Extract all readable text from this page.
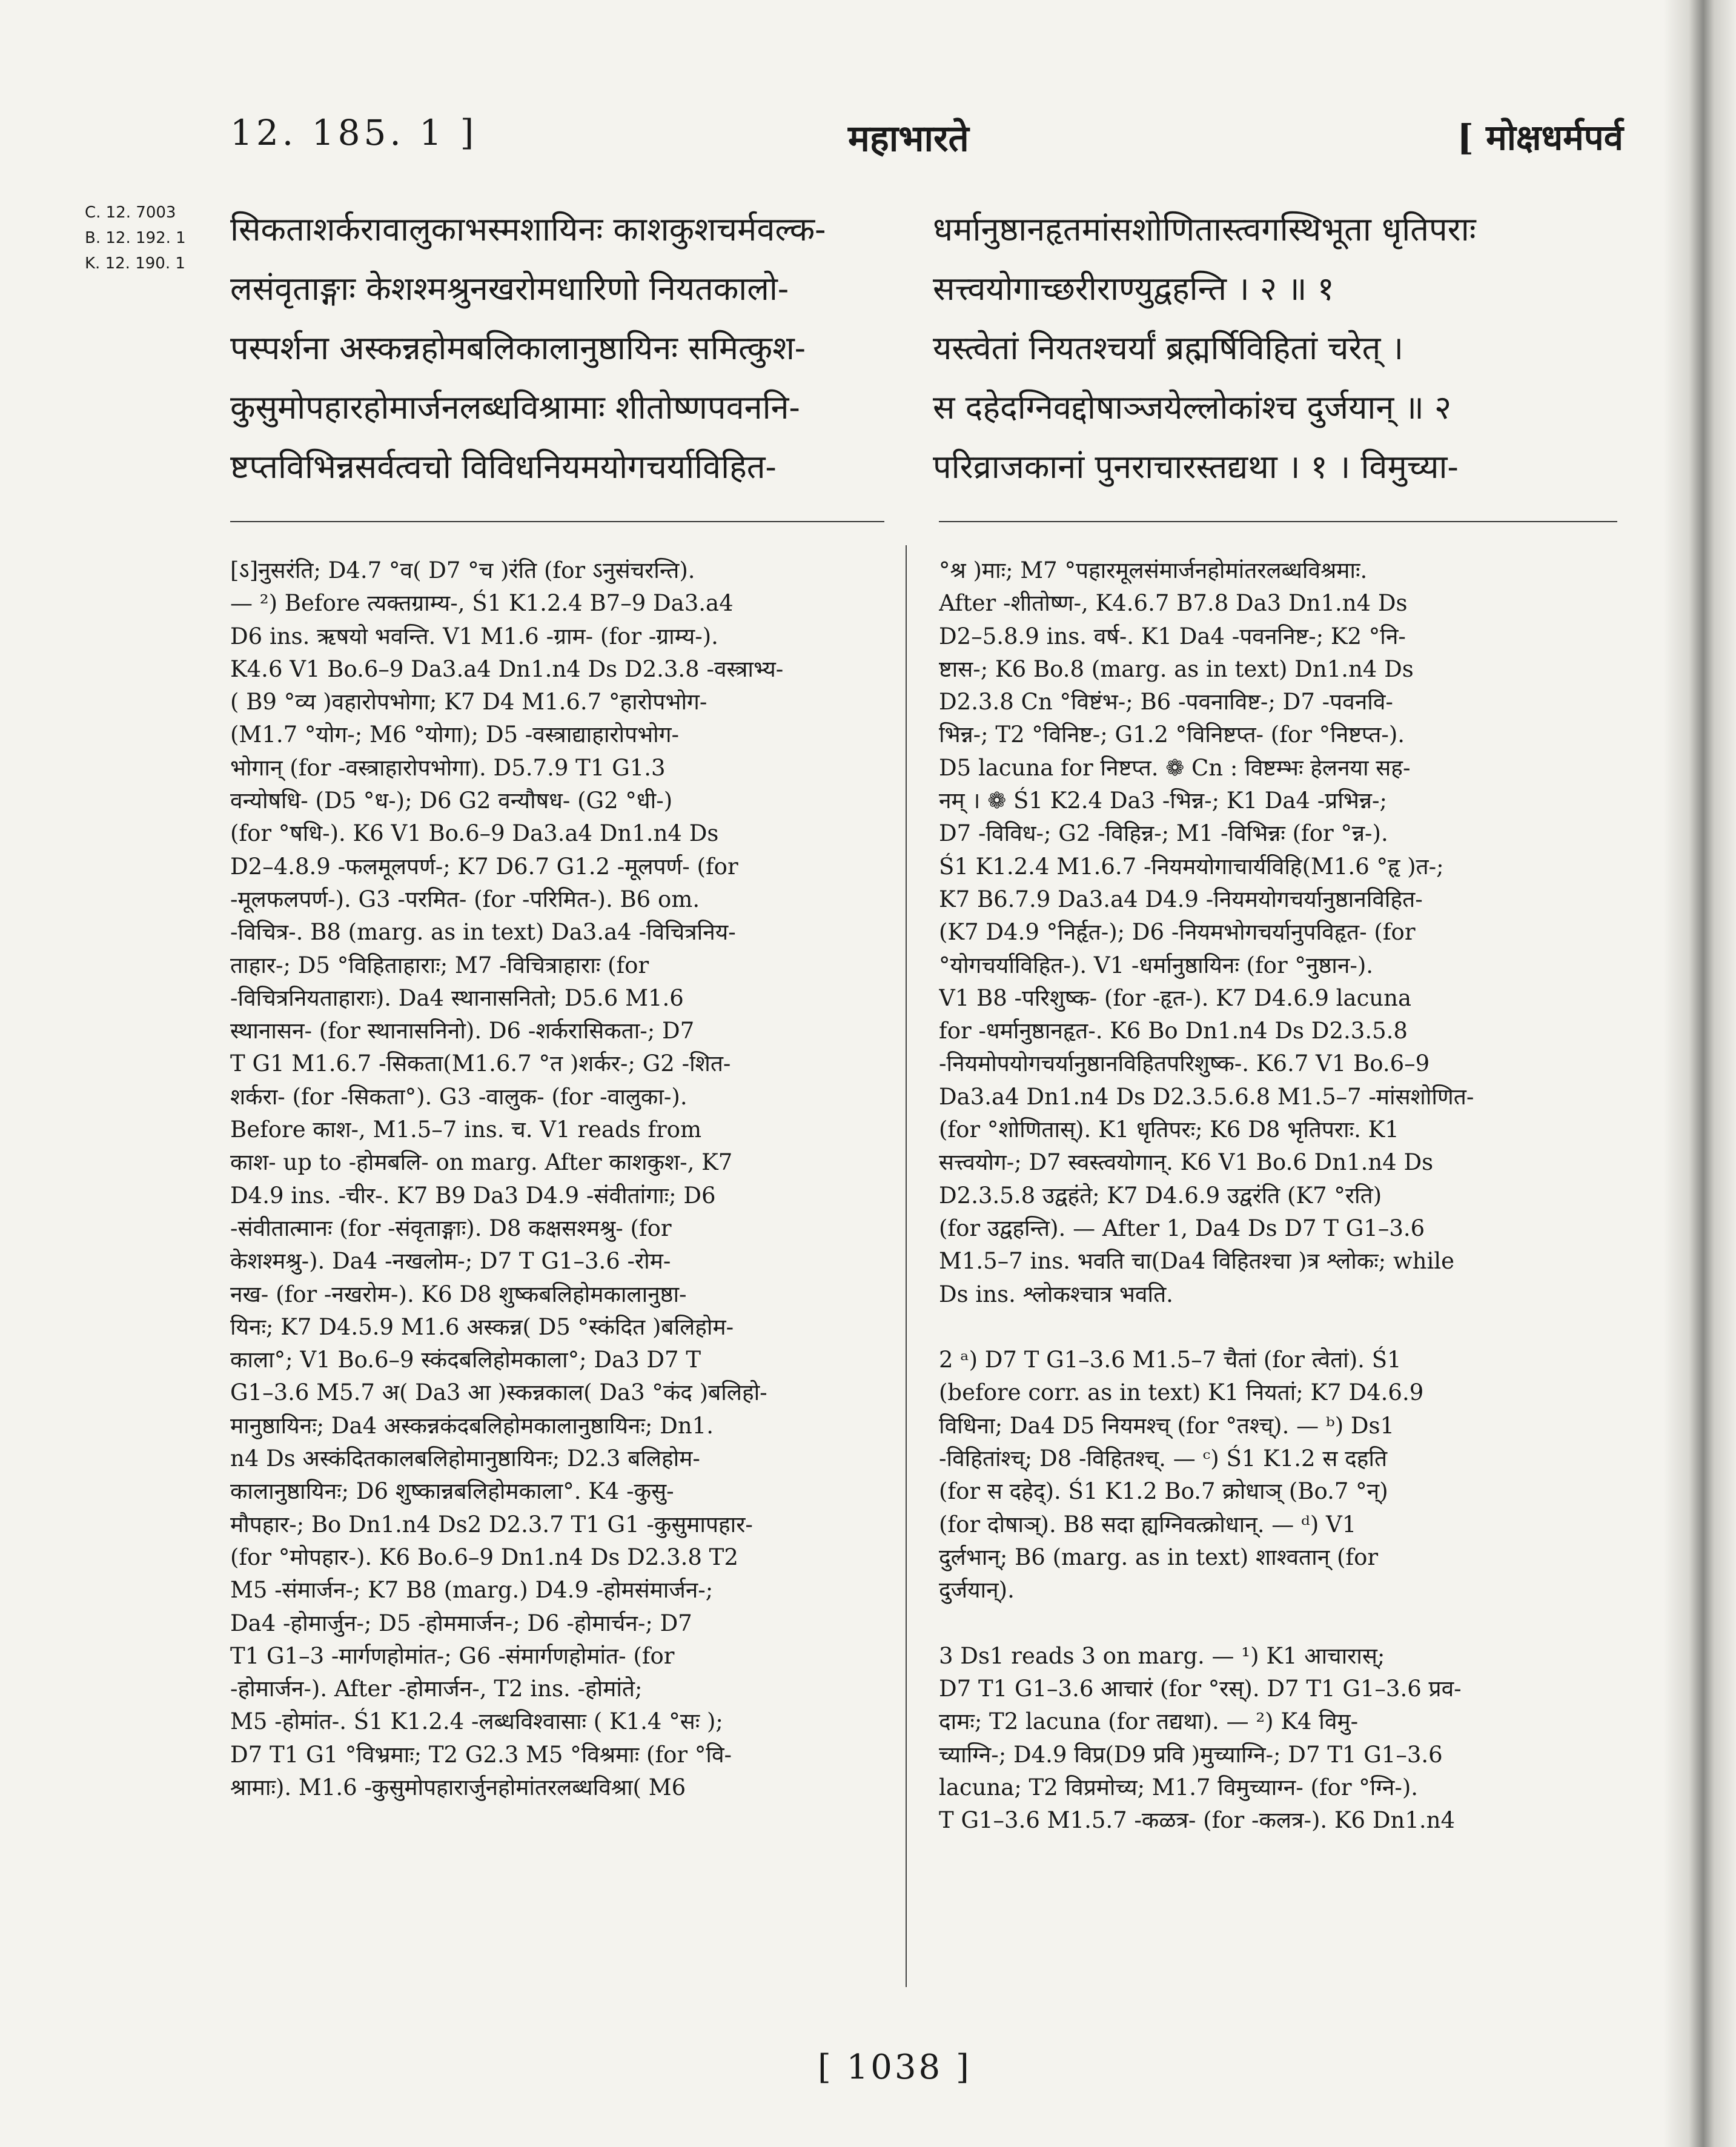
12. 185. 1 ]	महाभारते	[ मोक्षधर्मपर्व
C. 12. 7003
B. 12. 192. 1
K. 12. 190. 1
सिकताशर्करावालुकाभस्मशायिनः काशकुशचर्मवल्क-
लसंवृताङ्गाः केशश्मश्रुनखरोमधारिणो नियतकालो-
पस्पर्शना अस्कन्नहोमबलिकालानुष्ठायिनः समित्कुश-
कुसुमोपहारहोमार्जनलब्धविश्रामाः शीतोष्णपवननि-
ष्टप्तविभिन्नसर्वत्वचो विविधनियमयोगचर्याविहित-
धर्मानुष्ठानहृतमांसशोणितास्त्वगस्थिभूता धृतिपराः
सत्त्वयोगाच्छरीराण्युद्वहन्ति । २ ॥ १
यस्त्वेतां नियतश्चर्यां ब्रह्मर्षिविहितां चरेत् ।
स दहेदग्निवद्दोषाञ्जयेल्लोकांश्च दुर्जयान् ॥ २
परिव्राजकानां पुनराचारस्तद्यथा । १ । विमुच्या-
[ऽ]नुसरंति; D4.7 °व( D7 °च )रंति (for ऽनुसंचरन्ति).
— ²) Before त्यक्तग्राम्य-, Ś1 K1.2.4 B7–9 Da3.a4
D6 ins. ऋषयो भवन्ति. V1 M1.6 -ग्राम- (for -ग्राम्य-).
K4.6 V1 Bo.6–9 Da3.a4 Dn1.n4 Ds D2.3.8 -वस्त्राभ्य-
( B9 °व्य )वहारोपभोगा; K7 D4 M1.6.7 °हारोपभोग-
(M1.7 °योग-; M6 °योगा); D5 -वस्त्राद्याहारोपभोग-
भोगान् (for -वस्त्राहारोपभोगा). D5.7.9 T1 G1.3
वन्योषधि- (D5 °ध-); D6 G2 वन्यौषध- (G2 °धी-)
(for °षधि-). K6 V1 Bo.6–9 Da3.a4 Dn1.n4 Ds
D2–4.8.9 -फलमूलपर्ण-; K7 D6.7 G1.2 -मूलपर्ण- (for
-मूलफलपर्ण-). G3 -परमित- (for -परिमित-). B6 om.
-विचित्र-. B8 (marg. as in text) Da3.a4 -विचित्रनिय-
ताहार-; D5 °विहिताहाराः; M7 -विचित्राहाराः (for
-विचित्रनियताहाराः). Da4 स्थानासनितो; D5.6 M1.6
स्थानासन- (for स्थानासनिनो). D6 -शर्करासिकता-; D7
T G1 M1.6.7 -सिकता(M1.6.7 °त )शर्कर-; G2 -शित-
शर्करा- (for -सिकता°). G3 -वालुक- (for -वालुका-).
Before काश-, M1.5–7 ins. च. V1 reads from
काश- up to -होमबलि- on marg. After काशकुश-, K7
D4.9 ins. -चीर-. K7 B9 Da3 D4.9 -संवीतांगाः; D6
-संवीतात्मानः (for -संवृताङ्गाः). D8 कक्षसश्मश्रु- (for
केशश्मश्रु-). Da4 -नखलोम-; D7 T G1–3.6 -रोम-
नख- (for -नखरोम-). K6 D8 शुष्कबलिहोमकालानुष्ठा-
यिनः; K7 D4.5.9 M1.6 अस्कन्न( D5 °स्कंदित )बलिहोम-
काला°; V1 Bo.6–9 स्कंदबलिहोमकाला°; Da3 D7 T
G1–3.6 M5.7 अ( Da3 आ )स्कन्नकाल( Da3 °कंद )बलिहो-
मानुष्ठायिनः; Da4 अस्कन्नकंदबलिहोमकालानुष्ठायिनः; Dn1.
n4 Ds अस्कंदितकालबलिहोमानुष्ठायिनः; D2.3 बलिहोम-
कालानुष्ठायिनः; D6 शुष्कान्नबलिहोमकाला°. K4 -कुसु-
मौपहार-; Bo Dn1.n4 Ds2 D2.3.7 T1 G1 -कुसुमापहार-
(for °मोपहार-). K6 Bo.6–9 Dn1.n4 Ds D2.3.8 T2
M5 -संमार्जन-; K7 B8 (marg.) D4.9 -होमसंमार्जन-;
Da4 -होमार्जुन-; D5 -होममार्जन-; D6 -होमार्चन-; D7
T1 G1–3 -मार्गणहोमांत-; G6 -संमार्गणहोमांत- (for
-होमार्जन-). After -होमार्जन-, T2 ins. -होमांते;
M5 -होमांत-. Ś1 K1.2.4 -लब्धविश्वासाः ( K1.4 °सः );
D7 T1 G1 °विभ्रमाः; T2 G2.3 M5 °विश्रमाः (for °वि-
श्रामाः). M1.6 -कुसुमोपहारार्जुनहोमांतरलब्धविश्रा( M6
°श्र )माः; M7 °पहारमूलसंमार्जनहोमांतरलब्धविश्रमाः.
After -शीतोष्ण-, K4.6.7 B7.8 Da3 Dn1.n4 Ds
D2–5.8.9 ins. वर्ष-. K1 Da4 -पवननिष्ट-; K2 °नि-
ष्टास-; K6 Bo.8 (marg. as in text) Dn1.n4 Ds
D2.3.8 Cn °विष्टंभ-; B6 -पवनाविष्ट-; D7 -पवनवि-
भिन्न-; T2 °विनिष्ट-; G1.2 °विनिष्टप्त- (for °निष्टप्त-).
D5 lacuna for निष्टप्त. ❁ Cn : विष्टम्भः हेलनया सह-
नम् । ❁ Ś1 K2.4 Da3 -भिन्न-; K1 Da4 -प्रभिन्न-;
D7 -विविध-; G2 -विहिन्न-; M1 -विभिन्नः (for °न्न-).
Ś1 K1.2.4 M1.6.7 -नियमयोगाचार्यविहि(M1.6 °हृ )त-;
K7 B6.7.9 Da3.a4 D4.9 -नियमयोगचर्यानुष्ठानविहित-
(K7 D4.9 °निर्हृत-); D6 -नियमभोगचर्यानुपविहृत- (for
°योगचर्याविहित-). V1 -धर्मानुष्ठायिनः (for °नुष्ठान-).
V1 B8 -परिशुष्क- (for -हृत-). K7 D4.6.9 lacuna
for -धर्मानुष्ठानहृत-. K6 Bo Dn1.n4 Ds D2.3.5.8
-नियमोपयोगचर्यानुष्ठानविहितपरिशुष्क-. K6.7 V1 Bo.6–9
Da3.a4 Dn1.n4 Ds D2.3.5.6.8 M1.5–7 -मांसशोणित-
(for °शोणितास्). K1 धृतिपरः; K6 D8 भृतिपराः. K1
सत्त्वयोग-; D7 स्वस्त्वयोगान्. K6 V1 Bo.6 Dn1.n4 Ds
D2.3.5.8 उद्वहंते; K7 D4.6.9 उद्वरंति (K7 °रति)
(for उद्वहन्ति). — After 1, Da4 Ds D7 T G1–3.6
M1.5–7 ins. भवति चा(Da4 विहितश्चा )त्र श्लोकः; while
Ds ins. श्लोकश्चात्र भवति.
2 ᵃ) D7 T G1–3.6 M1.5–7 चैतां (for त्वेतां). Ś1
(before corr. as in text) K1 नियतां; K7 D4.6.9
विधिना; Da4 D5 नियमश्च् (for °तश्च्). — ᵇ) Ds1
-विहितांश्च्; D8 -विहितश्च्. — ᶜ) Ś1 K1.2 स दहति
(for स दहेद्). Ś1 K1.2 Bo.7 क्रोधाञ् (Bo.7 °न्)
(for दोषाञ्). B8 सदा ह्यग्निवत्क्रोधान्. — ᵈ) V1
दुर्लभान्; B6 (marg. as in text) शाश्वतान् (for
दुर्जयान्).
3 Ds1 reads 3 on marg. — ¹) K1 आचारास्;
D7 T1 G1–3.6 आचारं (for °रस्). D7 T1 G1–3.6 प्रव-
दामः; T2 lacuna (for तद्यथा). — ²) K4 विमु-
च्याग्नि-; D4.9 विप्र(D9 प्रवि )मुच्याग्नि-; D7 T1 G1–3.6
lacuna; T2 विप्रमोच्य; M1.7 विमुच्याग्न- (for °ग्नि-).
T G1–3.6 M1.5.7 -कळत्र- (for -कलत्र-). K6 Dn1.n4
[ 1038 ]
